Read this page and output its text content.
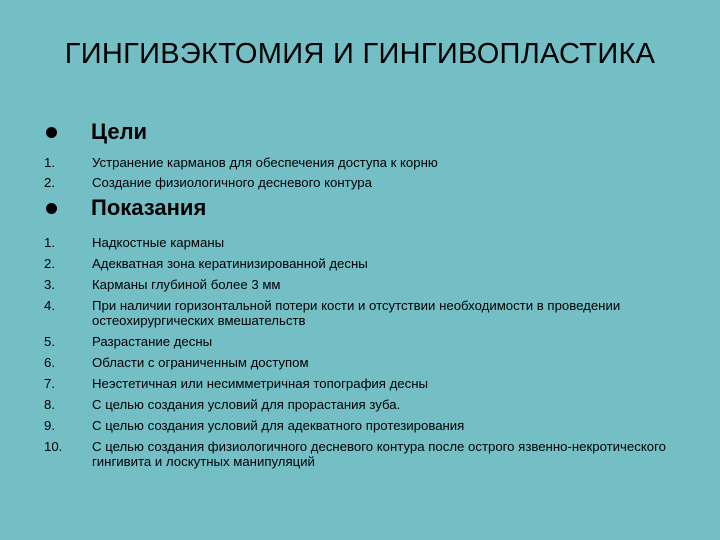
ГИНГИВЭКТОМИЯ И ГИНГИВОПЛАСТИКА
Цели
1.	Устранение карманов для обеспечения доступа к корню
2.	Создание физиологичного десневого контура
Показания
1.	Надкостные карманы
2.	Адекватная зона кератинизированной десны
3.	Карманы глубиной более 3 мм
4.	При наличии горизонтальной потери кости и отсутствии необходимости в проведении остеохирургических вмешательств
5.	Разрастание десны
6.	Области с ограниченным доступом
7.	Неэстетичная или несимметричная топография десны
8.	С целью создания условий для прорастания зуба.
9.	С целью создания условий для адекватного протезирования
10.	С целью создания физиологичного десневого контура после острого язвенно-некротического гингивита и лоскутных манипуляций
